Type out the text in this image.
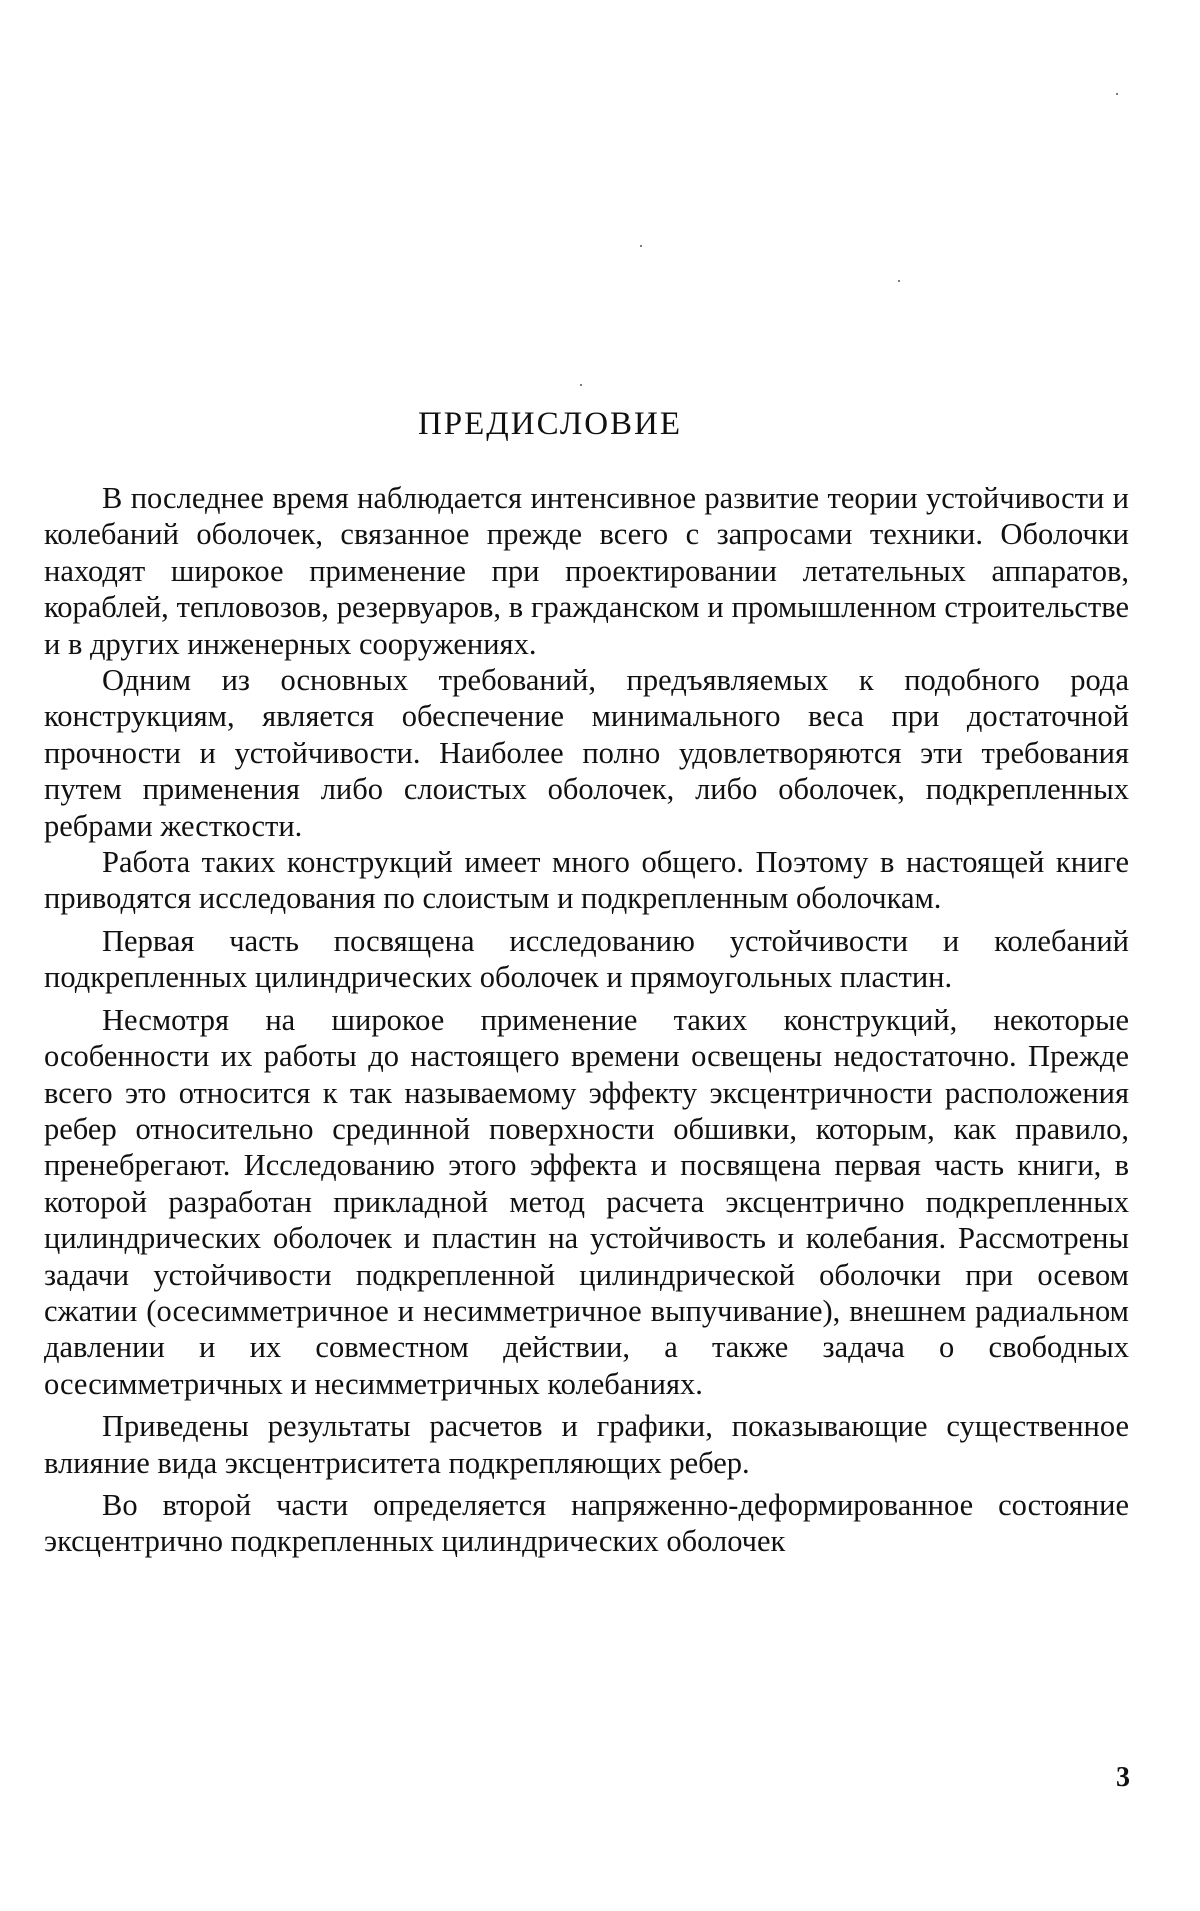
ПРЕДИСЛОВИЕ

В последнее время наблюдается интенсивное развитие теории устойчивости и колебаний оболочек, связанное прежде всего с запросами техники. Оболочки находят широкое применение при проектировании летательных аппаратов, кораблей, тепловозов, резервуаров, в гражданском и промышленном строительстве и в других инженерных сооружениях.

Одним из основных требований, предъявляемых к подобного рода конструкциям, является обеспечение минимального веса при достаточной прочности и устойчивости. Наиболее полно удовлетворяются эти требования путем применения либо слоистых оболочек, либо оболочек, подкрепленных ребрами жесткости.

Работа таких конструкций имеет много общего. Поэтому в настоящей книге приводятся исследования по слоистым и подкрепленным оболочкам.

Первая часть посвящена исследованию устойчивости и колебаний подкрепленных цилиндрических оболочек и прямоугольных пластин.

Несмотря на широкое применение таких конструкций, некоторые особенности их работы до настоящего времени освещены недостаточно. Прежде всего это относится к так называемому эффекту эксцентричности расположения ребер относительно срединной поверхности обшивки, которым, как правило, пренебрегают. Исследованию этого эффекта и посвящена первая часть книги, в которой разработан прикладной метод расчета эксцентрично подкрепленных цилиндрических оболочек и пластин на устойчивость и колебания. Рассмотрены задачи устойчивости подкрепленной цилиндрической оболочки при осевом сжатии (осесимметричное и несимметричное выпучивание), внешнем радиальном давлении и их совместном действии, а также задача о свободных осесимметричных и несимметричных колебаниях.

Приведены результаты расчетов и графики, показывающие существенное влияние вида эксцентриситета подкрепляющих ребер.

Во второй части определяется напряженно-деформированное состояние эксцентрично подкрепленных цилиндрических оболочек

3
